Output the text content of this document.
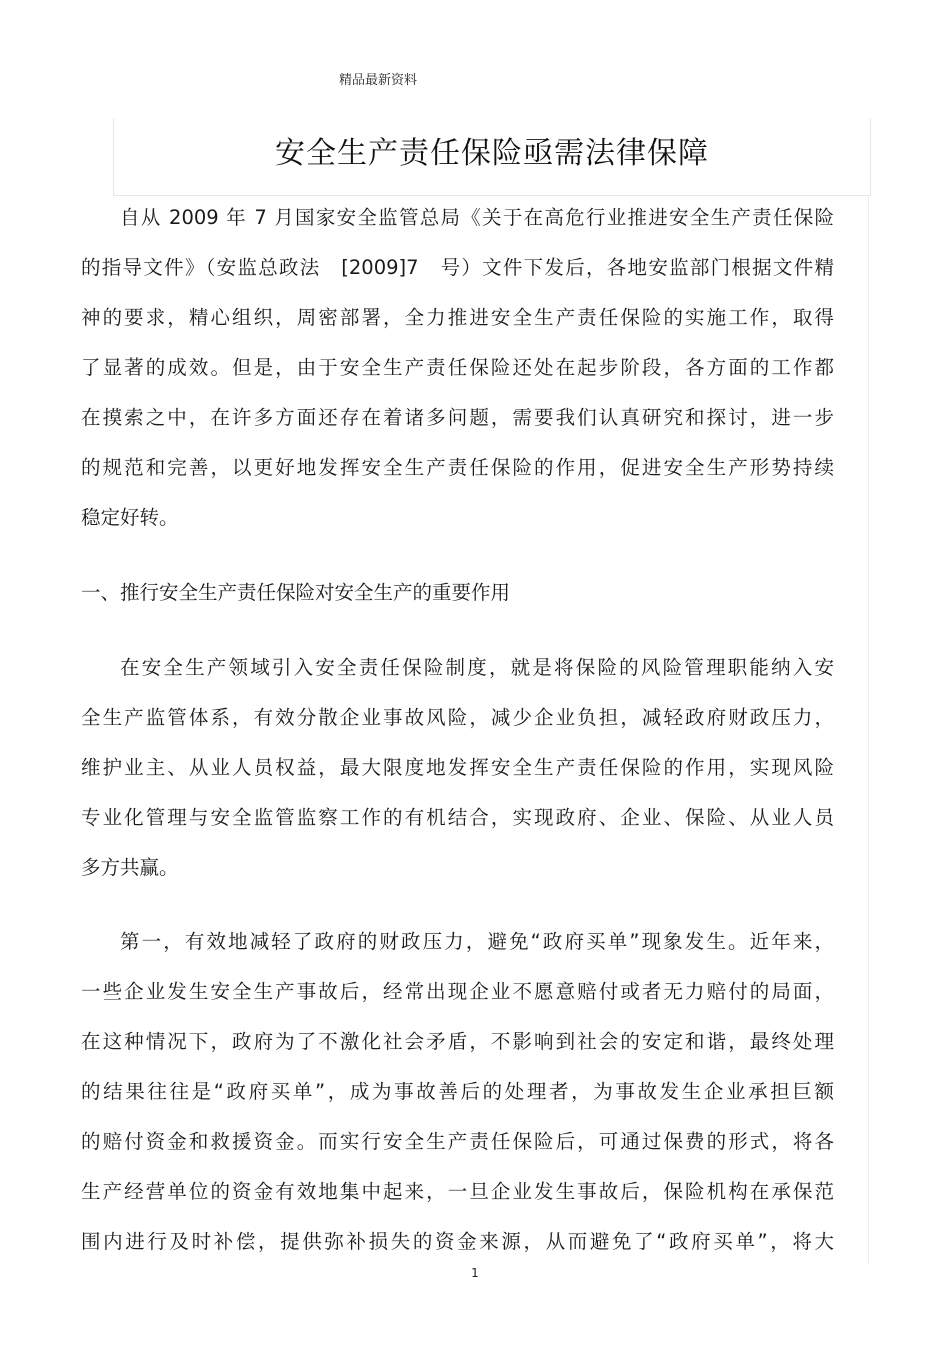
精品最新资料
安全生产责任保险亟需法律保障
自从 2009 年 7 月国家安全监管总局《关于在高危行业推进安全生产责任保险
的指导文件》（安监总政法　[2009]7　号）文件下发后，各地安监部门根据文件精
神的要求，精心组织，周密部署，全力推进安全生产责任保险的实施工作，取得
了显著的成效。但是，由于安全生产责任保险还处在起步阶段，各方面的工作都
在摸索之中，在许多方面还存在着诸多问题，需要我们认真研究和探讨，进一步
的规范和完善，以更好地发挥安全生产责任保险的作用，促进安全生产形势持续
稳定好转。
一、推行安全生产责任保险对安全生产的重要作用
在安全生产领域引入安全责任保险制度，就是将保险的风险管理职能纳入安
全生产监管体系，有效分散企业事故风险，减少企业负担，减轻政府财政压力，
维护业主、从业人员权益，最大限度地发挥安全生产责任保险的作用，实现风险
专业化管理与安全监管监察工作的有机结合，实现政府、企业、保险、从业人员
多方共赢。
第一，有效地减轻了政府的财政压力，避免“政府买单”现象发生。近年来，
一些企业发生安全生产事故后，经常出现企业不愿意赔付或者无力赔付的局面，
在这种情况下，政府为了不激化社会矛盾，不影响到社会的安定和谐，最终处理
的结果往往是“政府买单”，成为事故善后的处理者，为事故发生企业承担巨额
的赔付资金和救援资金。而实行安全生产责任保险后，可通过保费的形式，将各
生产经营单位的资金有效地集中起来，一旦企业发生事故后，保险机构在承保范
围内进行及时补偿，提供弥补损失的资金来源，从而避免了“政府买单”，将大
1
